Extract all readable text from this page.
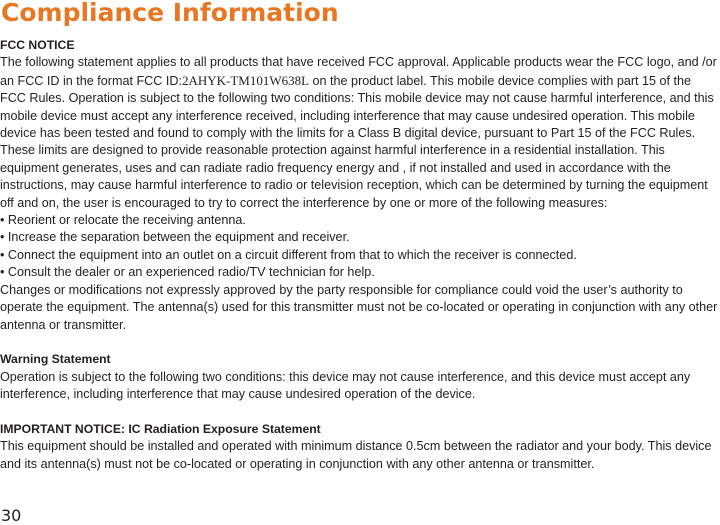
Compliance Information

FCC NOTICE

The following statement applies to all products that have received FCC approval. Applicable products wear the FCC logo, and /or an FCC ID in the format FCC ID:2AHYK-TM101W638L on the product label. This mobile device complies with part 15 of the FCC Rules. Operation is subject to the following two conditions: This mobile device may not cause harmful interference, and this mobile device must accept any interference received, including interference that may cause undesired operation. This mobile device has been tested and found to comply with the limits for a Class B digital device, pursuant to Part 15 of the FCC Rules. These limits are designed to provide reasonable protection against harmful interference in a residential installation. This equipment generates, uses and can radiate radio frequency energy and , if not installed and used in accordance with the instructions, may cause harmful interference to radio or television reception, which can be determined by turning the equipment off and on, the user is encouraged to try to correct the interference by one or more of the following measures:

• Reorient or relocate the receiving antenna.

• Increase the separation between the equipment and receiver.

• Connect the equipment into an outlet on a circuit different from that to which the receiver is connected.

• Consult the dealer or an experienced radio/TV technician for help.

Changes or modifications not expressly approved by the party responsible for compliance could void the user’s authority to operate the equipment. The antenna(s) used for this transmitter must not be co-located or operating in conjunction with any other antenna or transmitter.

Warning Statement

Operation is subject to the following two conditions: this device may not cause interference, and this device must accept any interference, including interference that may cause undesired operation of the device.

IMPORTANT NOTICE: IC Radiation Exposure Statement

This equipment should be installed and operated with minimum distance 0.5cm between the radiator and your body. This device and its antenna(s) must not be co-located or operating in conjunction with any other antenna or transmitter.

30
